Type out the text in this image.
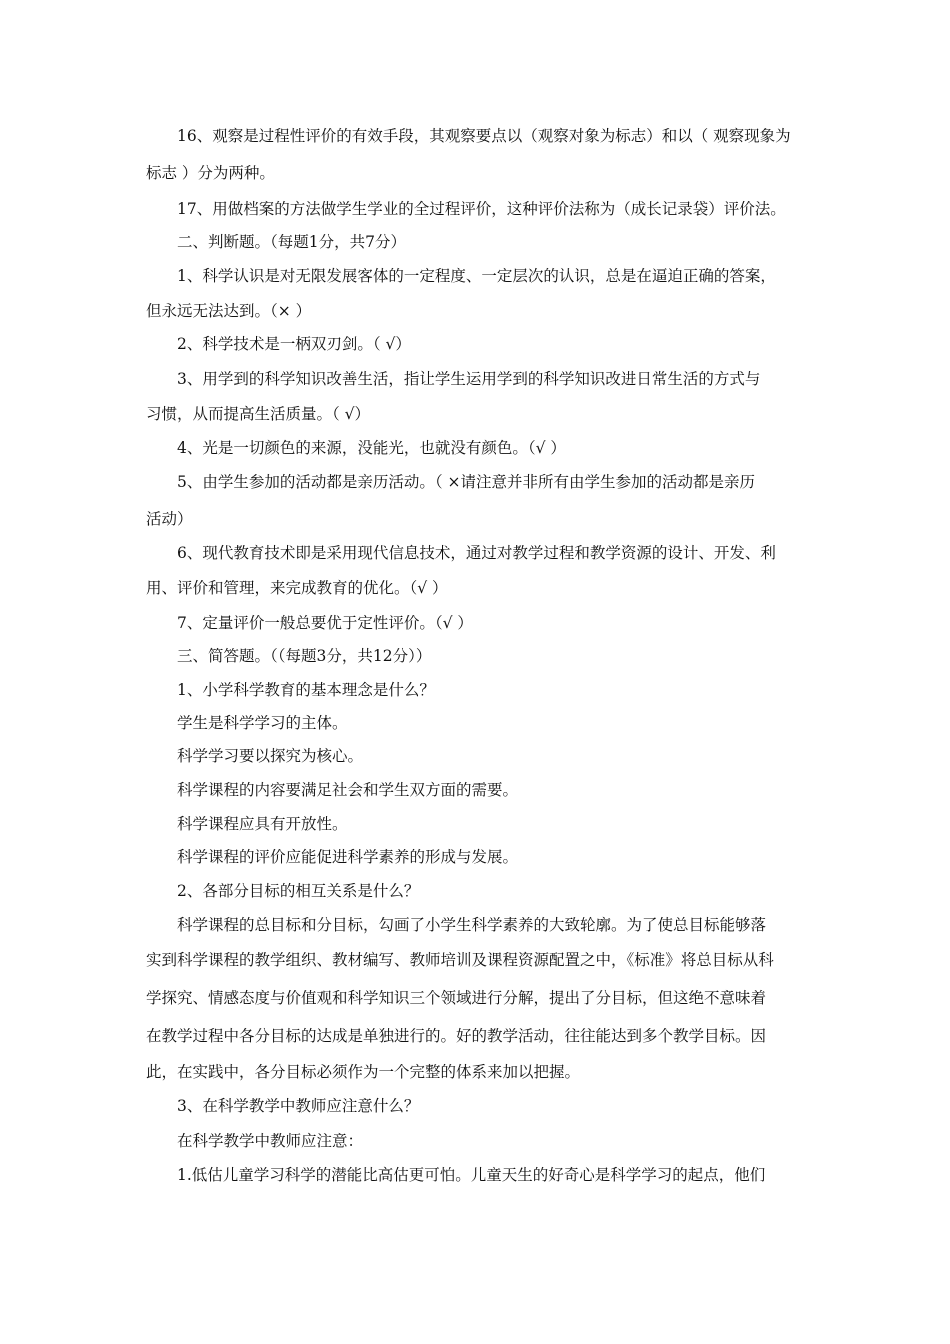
16、观察是过程性评价的有效手段，其观察要点以（观察对象为标志）和以（ 观察现象为
标志 ）分为两种。
17、用做档案的方法做学生学业的全过程评价，这种评价法称为（成长记录袋）评价法。
二、判断题。（每题1分，共7分）
1、科学认识是对无限发展客体的一定程度、一定层次的认识，总是在逼迫正确的答案，
但永远无法达到。（× ）
2、科学技术是一柄双刃剑。（ √）
3、用学到的科学知识改善生活，指让学生运用学到的科学知识改进日常生活的方式与
习惯，从而提高生活质量。（ √）
4、光是一切颜色的来源，没能光，也就没有颜色。（√ ）
5、由学生参加的活动都是亲历活动。（ ×请注意并非所有由学生参加的活动都是亲历
活动）
6、现代教育技术即是采用现代信息技术，通过对教学过程和教学资源的设计、开发、利
用、评价和管理，来完成教育的优化。（√ ）
7、定量评价一般总要优于定性评价。（√ ）
三、简答题。（（每题3分，共12分））
1、小学科学教育的基本理念是什么？
学生是科学学习的主体。
科学学习要以探究为核心。
科学课程的内容要满足社会和学生双方面的需要。
科学课程应具有开放性。
科学课程的评价应能促进科学素养的形成与发展。
2、各部分目标的相互关系是什么？
科学课程的总目标和分目标，勾画了小学生科学素养的大致轮廓。为了使总目标能够落
实到科学课程的教学组织、教材编写、教师培训及课程资源配置之中，《标准》将总目标从科
学探究、情感态度与价值观和科学知识三个领域进行分解，提出了分目标，但这绝不意味着
在教学过程中各分目标的达成是单独进行的。好的教学活动，往往能达到多个教学目标。因
此，在实践中，各分目标必须作为一个完整的体系来加以把握。
3、在科学教学中教师应注意什么？
在科学教学中教师应注意：
1.低估儿童学习科学的潜能比高估更可怕。儿童天生的好奇心是科学学习的起点，他们
